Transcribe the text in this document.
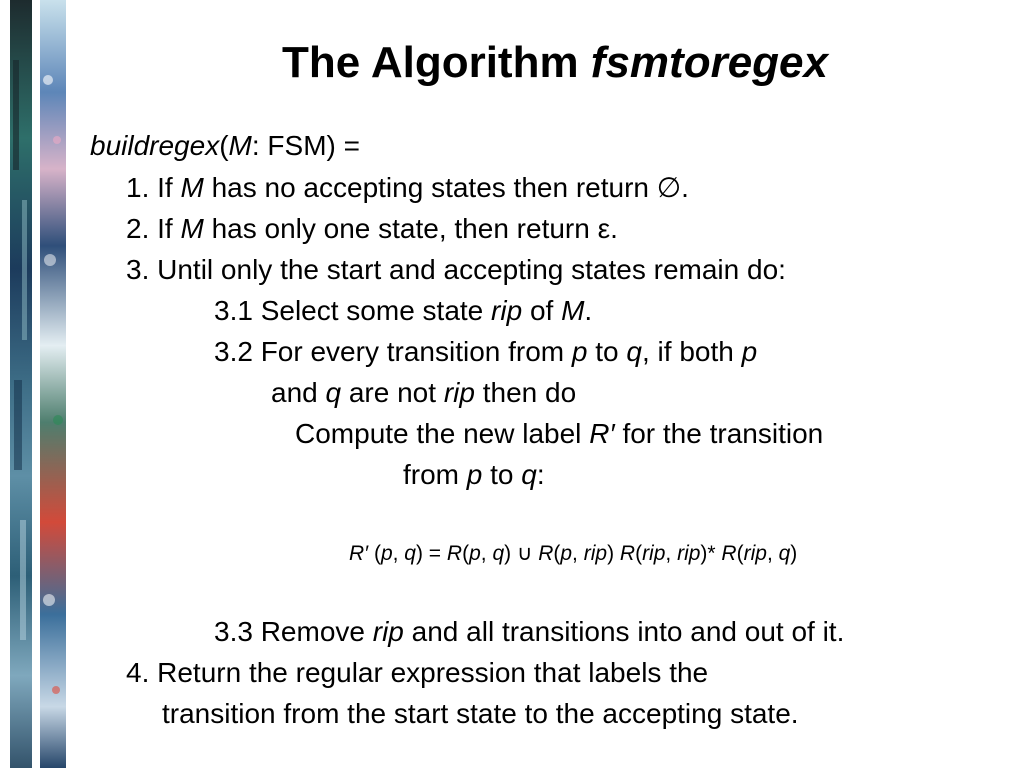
The Algorithm fsmtoregex
buildregex(M: FSM) =
1. If M has no accepting states then return ∅.
2. If M has only one state, then return ε.
3. Until only the start and accepting states remain do:
3.1 Select some state rip of M.
3.2 For every transition from p to q, if both p
and q are not rip then do
Compute the new label R′ for the transition
from p to q:
R′ (p, q) = R(p, q) ∪ R(p, rip) R(rip, rip)* R(rip, q)
3.3 Remove rip and all transitions into and out of it.
4. Return the regular expression that labels the
transition from the start state to the accepting state.
